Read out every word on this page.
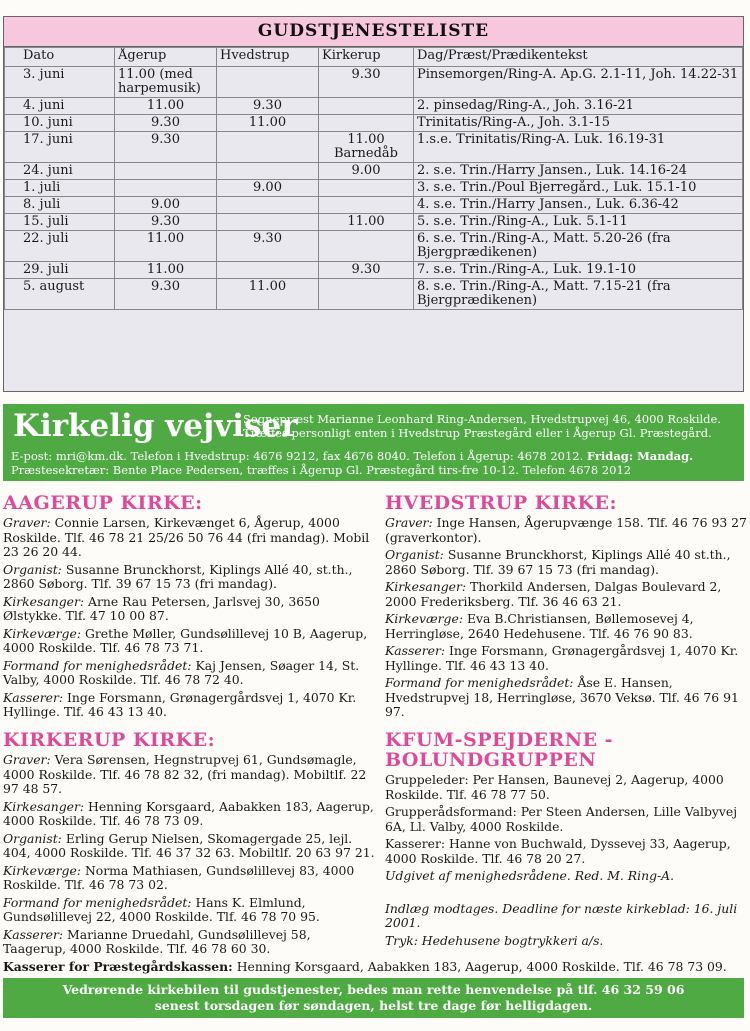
GUDSTJENESTELISTE
Dato	Ågerup	Hvedstrup	Kirkerup	Dag/Præst/Prædikentekst
3. juni	11.00 (med harpemusik)		9.30	Pinsemorgen/Ring-A. Ap.G. 2.1-11, Joh. 14.22-31
4. juni	11.00	9.30		2. pinsedag/Ring-A., Joh. 3.16-21
10. juni	9.30	11.00		Trinitatis/Ring-A., Joh. 3.1-15
17. juni	9.30		11.00 Barnedåb	1.s.e. Trinitatis/Ring-A. Luk. 16.19-31
24. juni			9.00	2. s.e. Trin./Harry Jansen., Luk. 14.16-24
1. juli		9.00		3. s.e. Trin./Poul Bjerregård., Luk. 15.1-10
8. juli	9.00			4. s.e. Trin./Harry Jansen., Luk. 6.36-42
15. juli	9.30		11.00	5. s.e. Trin./Ring-A., Luk. 5.1-11
22. juli	11.00	9.30		6. s.e. Trin./Ring-A., Matt. 5.20-26 (fra Bjergprædikenen)
29. juli	11.00		9.30	7. s.e. Trin./Ring-A., Luk. 19.1-10
5. august	9.30	11.00		8. s.e. Trin./Ring-A., Matt. 7.15-21 (fra Bjergprædikenen)
Kirkelig vejviser
Sognepræst Marianne Leonhard Ring-Andersen, Hvedstrupvej 46, 4000 Roskilde.
Træffes personligt enten i Hvedstrup Præstegård eller i Ågerup Gl. Præstegård.
E-post: mri@km.dk. Telefon i Hvedstrup: 4676 9212, fax 4676 8040. Telefon i Ågerup: 4678 2012. Fridag: Mandag.
Præstesekretær: Bente Place Pedersen, træffes i Ågerup Gl. Præstegård tirs-fre 10-12. Telefon 4678 2012
AAGERUP KIRKE:

Graver: Connie Larsen, Kirkevænget 6, Ågerup, 4000 Roskilde. Tlf. 46 78 21 25/26 50 76 44 (fri mandag). Mobil 23 26 20 44.

Organist: Susanne Brunckhorst, Kiplings Allé 40, st.th., 2860 Søborg. Tlf. 39 67 15 73 (fri mandag).

Kirkesanger: Arne Rau Petersen, Jarlsvej 30, 3650 Ølstykke. Tlf. 47 10 00 87.

Kirkeværge: Grethe Møller, Gundsølillevej 10 B, Aagerup, 4000 Roskilde. Tlf. 46 78 73 71.

Formand for menighedsrådet: Kaj Jensen, Søager 14, St. Valby, 4000 Roskilde. Tlf. 46 78 72 40.

Kasserer: Inge Forsmann, Grønagergårdsvej 1, 4070 Kr. Hyllinge. Tlf. 46 43 13 40.

KIRKERUP KIRKE:

Graver: Vera Sørensen, Hegnstrupvej 61, Gundsømagle, 4000 Roskilde. Tlf. 46 78 82 32, (fri mandag). Mobiltlf. 22 97 48 57.

Kirkesanger: Henning Korsgaard, Aabakken 183, Aagerup, 4000 Roskilde. Tlf. 46 78 73 09.

Organist: Erling Gerup Nielsen, Skomagergade 25, lejl. 404, 4000 Roskilde. Tlf. 46 37 32 63. Mobiltlf. 20 63 97 21.

Kirkeværge: Norma Mathiasen, Gundsølillevej 83, 4000 Roskilde. Tlf. 46 78 73 02.

Formand for menighedsrådet: Hans K. Elmlund, Gundsølillevej 22, 4000 Roskilde. Tlf. 46 78 70 95.

Kasserer: Marianne Druedahl, Gundsølillevej 58, Taagerup, 4000 Roskilde. Tlf. 46 78 60 30.

HVEDSTRUP KIRKE:

Graver: Inge Hansen, Ågerupvænge 158. Tlf. 46 76 93 27 (graverkontor).

Organist: Susanne Brunckhorst, Kiplings Allé 40 st.th., 2860 Søborg. Tlf. 39 67 15 73 (fri mandag).

Kirkesanger: Thorkild Andersen, Dalgas Boulevard 2, 2000 Frederiksberg. Tlf. 36 46 63 21.

Kirkeværge: Eva B.Christiansen, Bøllemosevej 4, Herringløse, 2640 Hedehusene. Tlf. 46 76 90 83.

Kasserer: Inge Forsmann, Grønagergårdsvej 1, 4070 Kr. Hyllinge. Tlf. 46 43 13 40.

Formand for menighedsrådet: Åse E. Hansen, Hvedstrupvej 18, Herringløse, 3670 Veksø. Tlf. 46 76 91 97.

KFUM-SPEJDERNE -
BOLUNDGRUPPEN

Gruppeleder: Per Hansen, Baunevej 2, Aagerup, 4000 Roskilde. Tlf. 46 78 77 50.

Grupperådsformand: Per Steen Andersen, Lille Valbyvej 6A, Ll. Valby, 4000 Roskilde.

Kasserer: Hanne von Buchwald, Dyssevej 33, Aagerup, 4000 Roskilde. Tlf. 46 78 20 27.

Udgivet af menighedsrådene. Red. M. Ring-A.

Indlæg modtages. Deadline for næste kirkeblad: 16. juli 2001.

Tryk: Hedehusene bogtrykkeri a/s.

Kasserer for Præstegårdskassen: Henning Korsgaard, Aabakken 183, Aagerup, 4000 Roskilde. Tlf. 46 78 73 09.
Vedrørende kirkebilen til gudstjenester, bedes man rette henvendelse på tlf. 46 32 59 06
senest torsdagen før søndagen, helst tre dage før helligdagen.
